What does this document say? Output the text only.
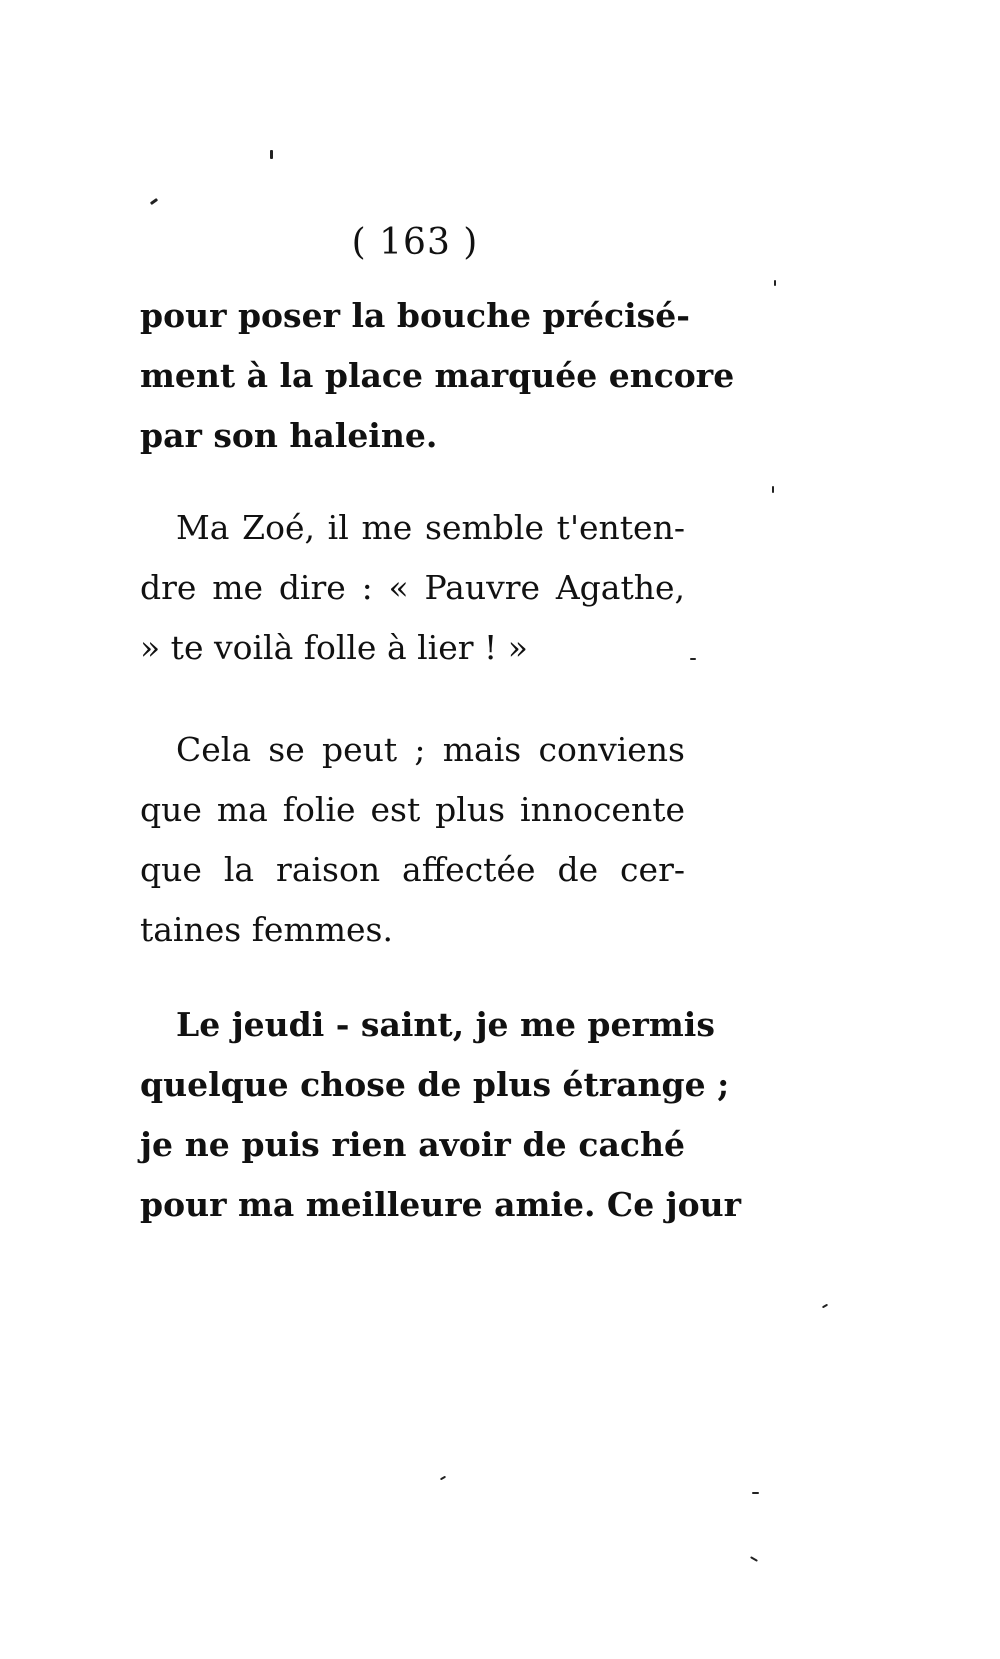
( 163 )
pour poser la bouche précisé-
ment à la place marquée encore
par son haleine.
Ma Zoé, il me semble t'enten-
dre me dire : « Pauvre Agathe,
» te voilà folle à lier ! »
Cela se peut ; mais conviens
que ma folie est plus innocente
que la raison affectée de cer-
taines femmes.
Le jeudi - saint, je me permis
quelque chose de plus étrange ;
je ne puis rien avoir de caché
pour ma meilleure amie. Ce jour
